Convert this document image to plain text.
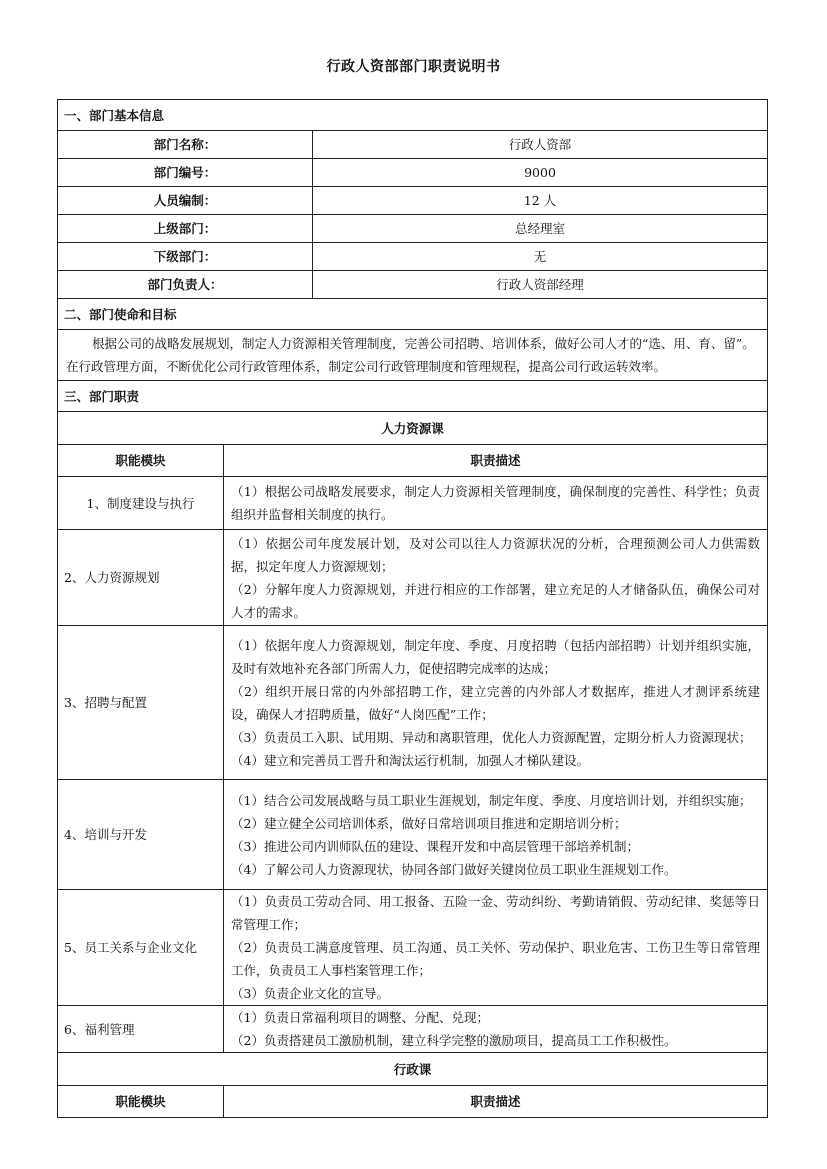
行政人资部部门职责说明书
一、部门基本信息		
部门名称：		行政人资部
部门编号：		9000
人员编制：		12 人
上级部门：		总经理室
下级部门：		无
部门负责人：		行政人资部经理
二、部门使命和目标		
根据公司的战略发展规划，制定人力资源相关管理制度，完善公司招聘、培训体系，做好公司人才的“选、用、育、留”。在行政管理方面，不断优化公司行政管理体系，制定公司行政管理制度和管理规程，提高公司行政运转效率。		
三、部门职责		
人力资源课		
职能模块	职责描述	
1、制度建设与执行	（1）根据公司战略发展要求，制定人力资源相关管理制度，确保制度的完善性、科学性；负责组织并监督相关制度的执行。	

2、人力资源规划	（1）依据公司年度发展计划，及对公司以往人力资源状况的分析，合理预测公司人力供需数据，拟定年度人力资源规划；
（2）分解年度人力资源规划，并进行相应的工作部署，建立充足的人才储备队伍，确保公司对人才的需求。	

3、招聘与配置	（1）依据年度人力资源规划，制定年度、季度、月度招聘（包括内部招聘）计划并组织实施，及时有效地补充各部门所需人力，促使招聘完成率的达成；
（2）组织开展日常的内外部招聘工作，建立完善的内外部人才数据库，推进人才测评系统建设，确保人才招聘质量，做好“人岗匹配”工作；
（3）负责员工入职、试用期、异动和离职管理，优化人力资源配置，定期分析人力资源现状；
（4）建立和完善员工晋升和淘汰运行机制，加强人才梯队建设。	

4、培训与开发	（1）结合公司发展战略与员工职业生涯规划，制定年度、季度、月度培训计划，并组织实施；
（2）建立健全公司培训体系，做好日常培训项目推进和定期培训分析；
（3）推进公司内训师队伍的建设、课程开发和中高层管理干部培养机制；
（4）了解公司人力资源现状，协同各部门做好关键岗位员工职业生涯规划工作。	

5、员工关系与企业文化	（1）负责员工劳动合同、用工报备、五险一金、劳动纠纷、考勤请销假、劳动纪律、奖惩等日常管理工作；
（2）负责员工满意度管理、员工沟通、员工关怀、劳动保护、职业危害、工伤卫生等日常管理工作，负责员工人事档案管理工作；
（3）负责企业文化的宣导。	

6、福利管理	（1）负责日常福利项目的调整、分配、兑现；
（2）负责搭建员工激励机制，建立科学完整的激励项目，提高员工工作积极性。	

行政课		
职能模块	职责描述	
